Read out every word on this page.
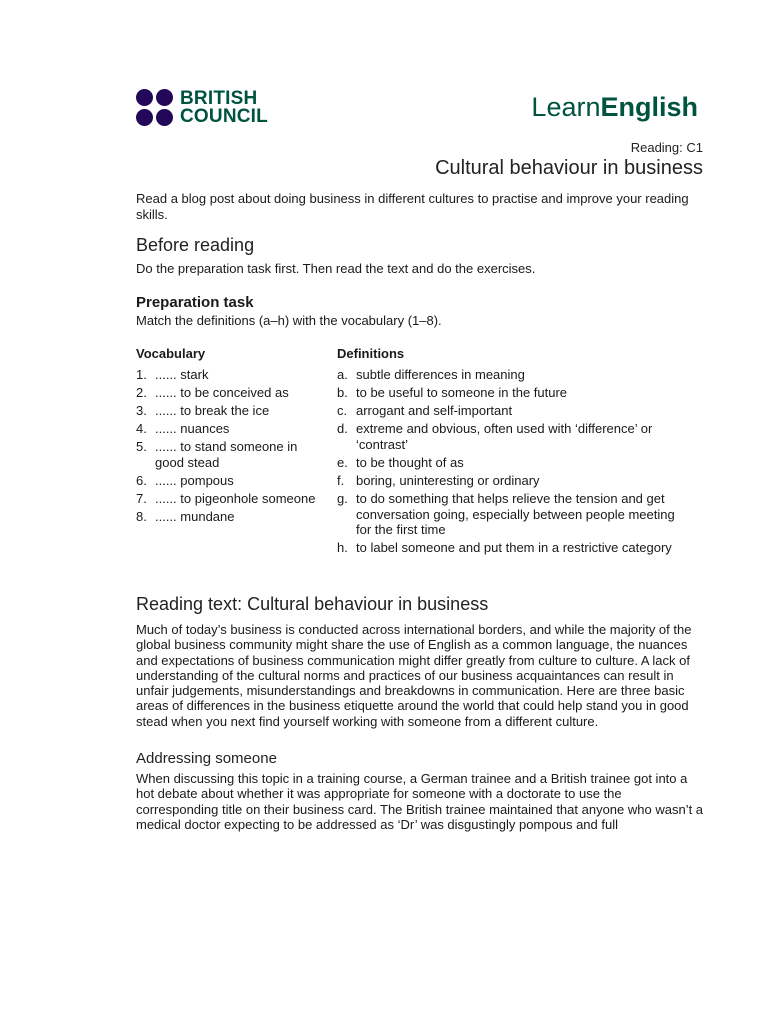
BRITISH
COUNCIL	LearnEnglish
Reading: C1
Cultural behaviour in business
Read a blog post about doing business in different cultures to practise and improve your reading skills.
Before reading
Do the preparation task first. Then read the text and do the exercises.
Preparation task
Match the definitions (a–h) with the vocabulary (1–8).
Vocabulary	Definitions
1. ...... stark
2. ...... to be conceived as
3. ...... to break the ice
4. ...... nuances
5. ...... to stand someone in good stead
6. ...... pompous
7. ...... to pigeonhole someone
8. ...... mundane
a. subtle differences in meaning
b. to be useful to someone in the future
c. arrogant and self-important
d. extreme and obvious, often used with ‘difference’ or ‘contrast’
e. to be thought of as
f. boring, uninteresting or ordinary
g. to do something that helps relieve the tension and get conversation going, especially between people meeting for the first time
h. to label someone and put them in a restrictive category
Reading text: Cultural behaviour in business
Much of today’s business is conducted across international borders, and while the majority of the global business community might share the use of English as a common language, the nuances and expectations of business communication might differ greatly from culture to culture. A lack of understanding of the cultural norms and practices of our business acquaintances can result in unfair judgements, misunderstandings and breakdowns in communication. Here are three basic areas of differences in the business etiquette around the world that could help stand you in good stead when you next find yourself working with someone from a different culture.
Addressing someone
When discussing this topic in a training course, a German trainee and a British trainee got into a hot debate about whether it was appropriate for someone with a doctorate to use the corresponding title on their business card. The British trainee maintained that anyone who wasn’t a medical doctor expecting to be addressed as ‘Dr’ was disgustingly pompous and full
